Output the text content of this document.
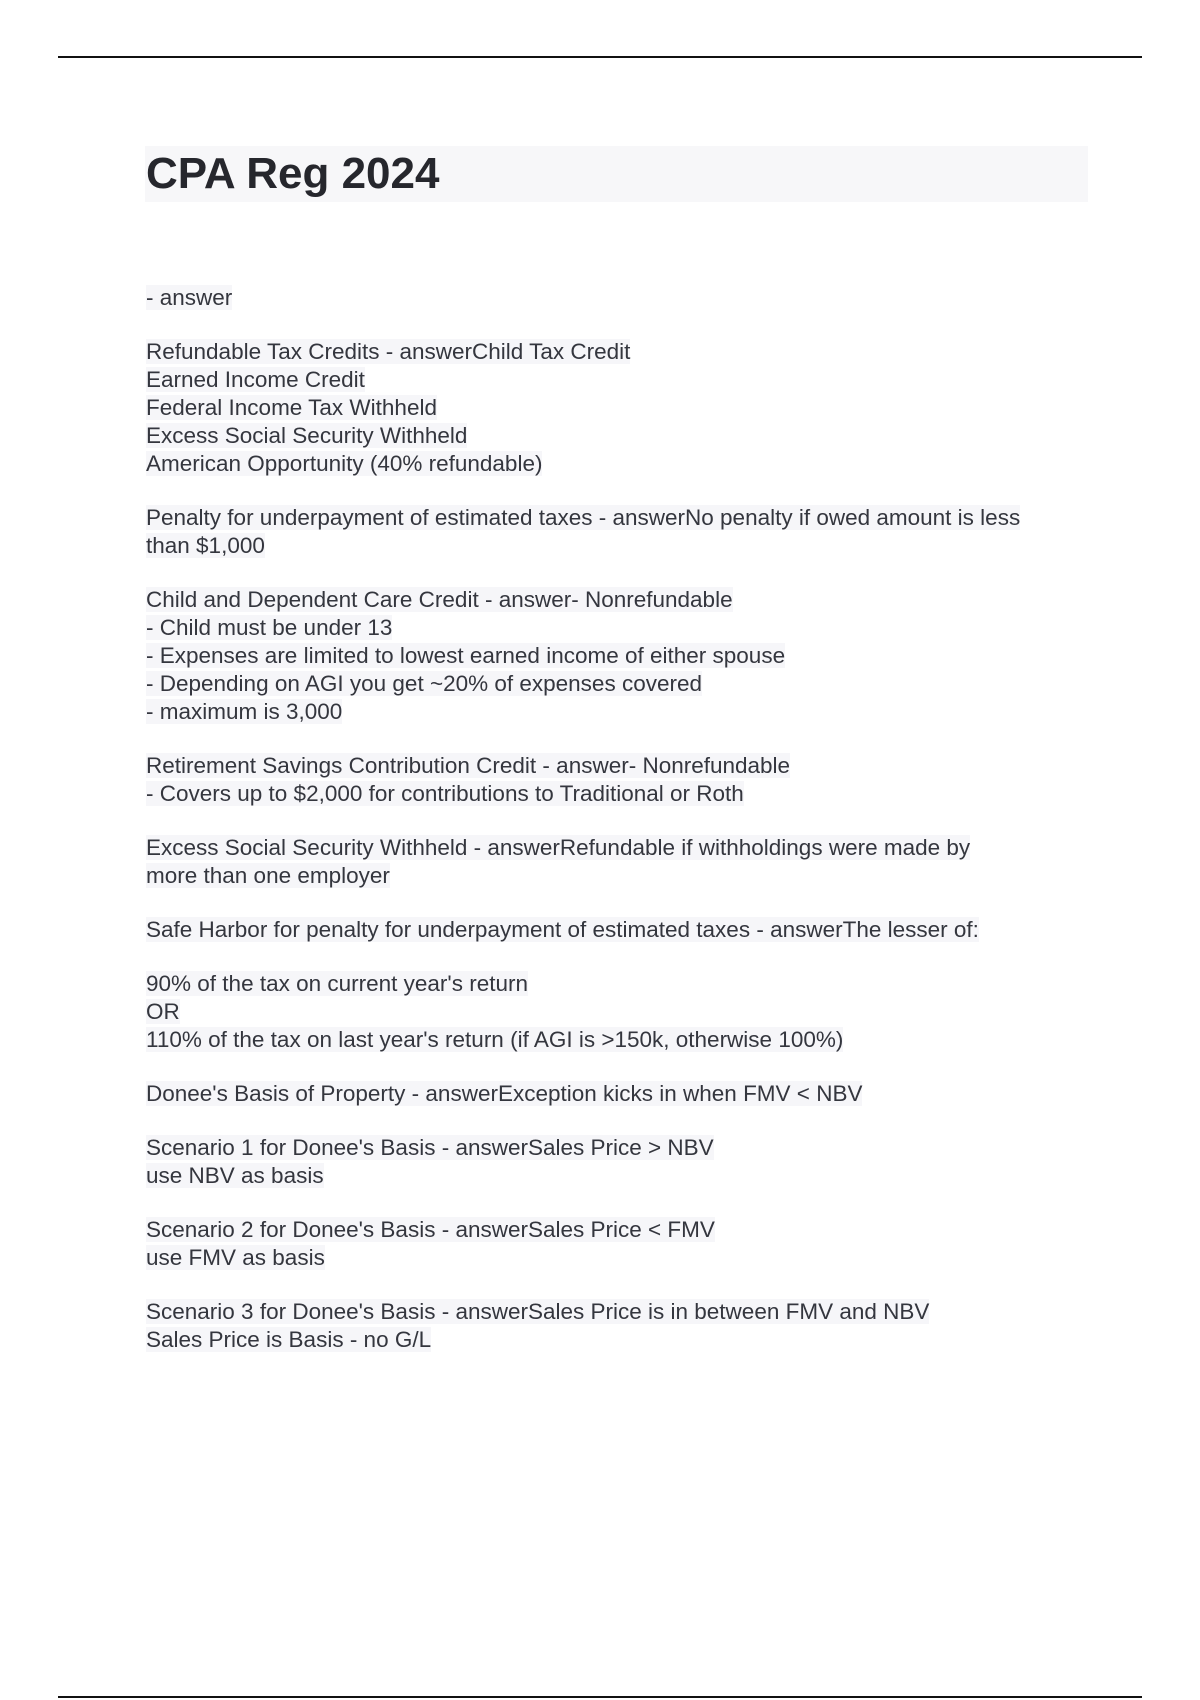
CPA Reg 2024
- answer
Refundable Tax Credits - answerChild Tax Credit
Earned Income Credit
Federal Income Tax Withheld
Excess Social Security Withheld
American Opportunity (40% refundable)
Penalty for underpayment of estimated taxes - answerNo penalty if owed amount is less
than $1,000
Child and Dependent Care Credit - answer- Nonrefundable
- Child must be under 13
- Expenses are limited to lowest earned income of either spouse
- Depending on AGI you get ~20% of expenses covered
- maximum is 3,000
Retirement Savings Contribution Credit - answer- Nonrefundable
- Covers up to $2,000 for contributions to Traditional or Roth
Excess Social Security Withheld - answerRefundable if withholdings were made by
more than one employer
Safe Harbor for penalty for underpayment of estimated taxes - answerThe lesser of:
90% of the tax on current year's return
OR
110% of the tax on last year's return (if AGI is >150k, otherwise 100%)
Donee's Basis of Property - answerException kicks in when FMV < NBV
Scenario 1 for Donee's Basis - answerSales Price > NBV
use NBV as basis
Scenario 2 for Donee's Basis - answerSales Price < FMV
use FMV as basis
Scenario 3 for Donee's Basis - answerSales Price is in between FMV and NBV
Sales Price is Basis - no G/L
